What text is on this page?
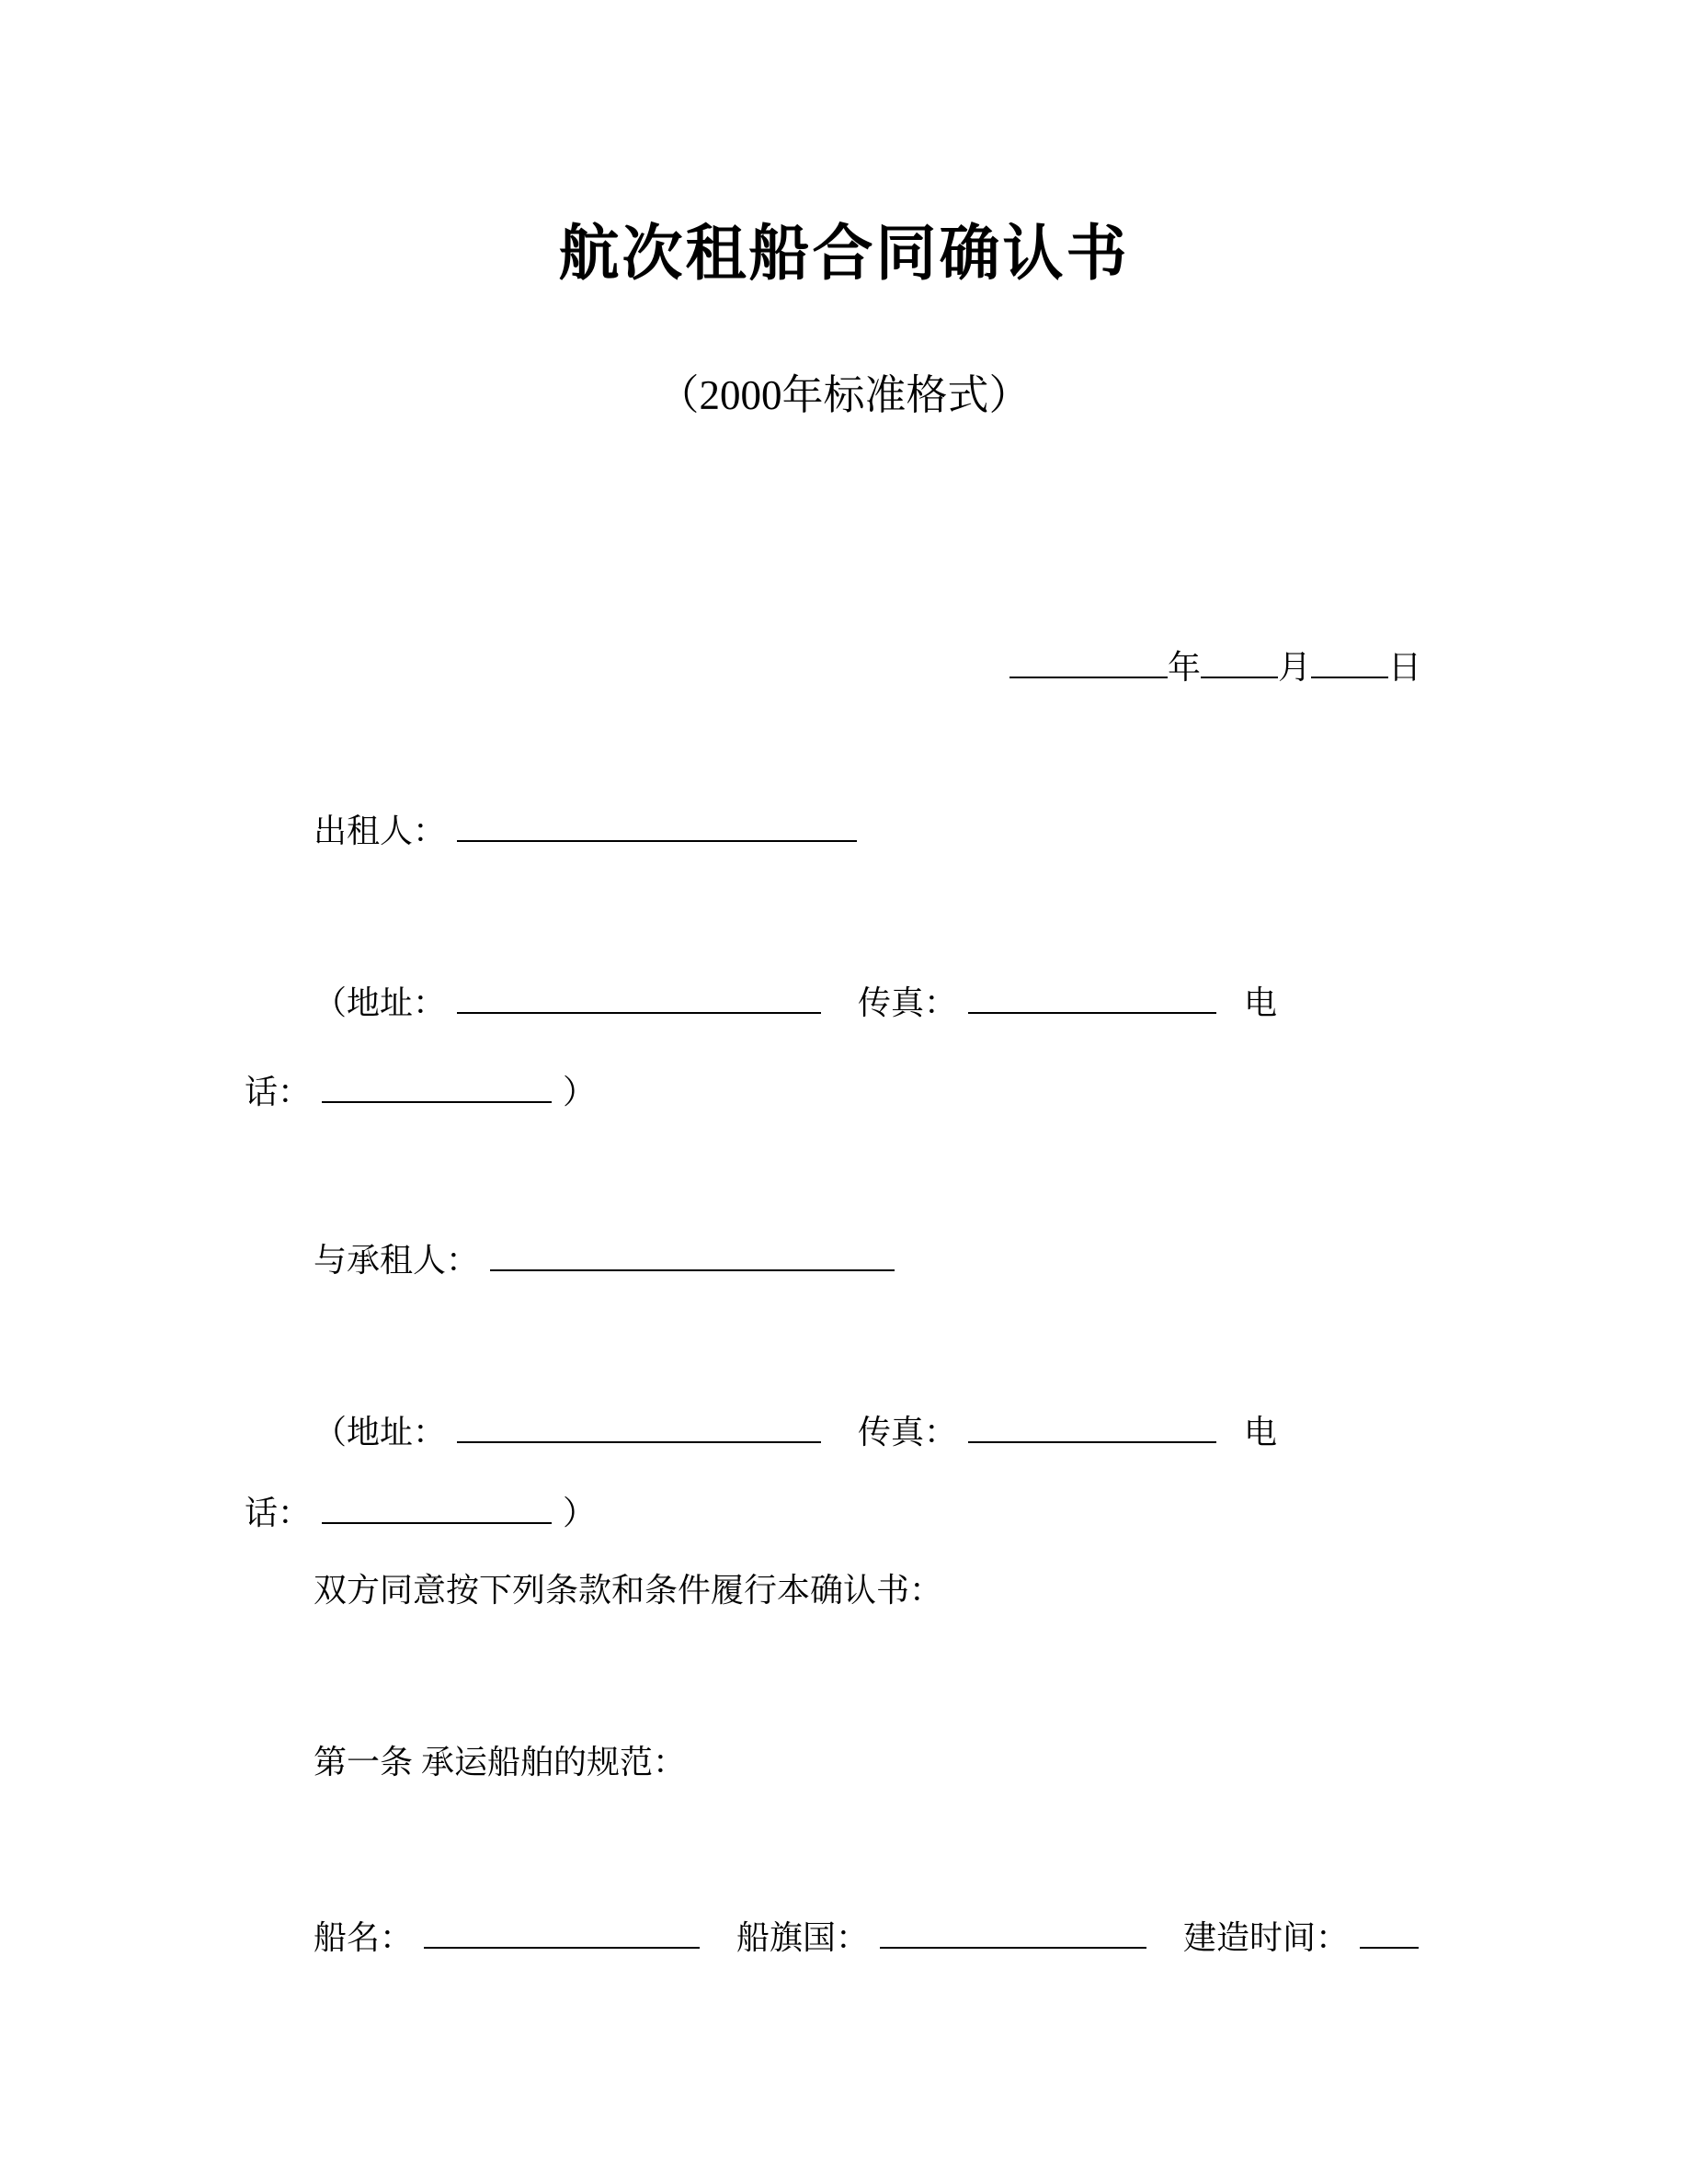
航次租船合同确认书
（2000年标准格式）
年 月 日
出租人：
（地址：	传真：	电
话：	）
与承租人：
（地址：	传真：	电
话：	）
双方同意按下列条款和条件履行本确认书：
第一条 承运船舶的规范：
船名：	船旗国：	建造时间：
